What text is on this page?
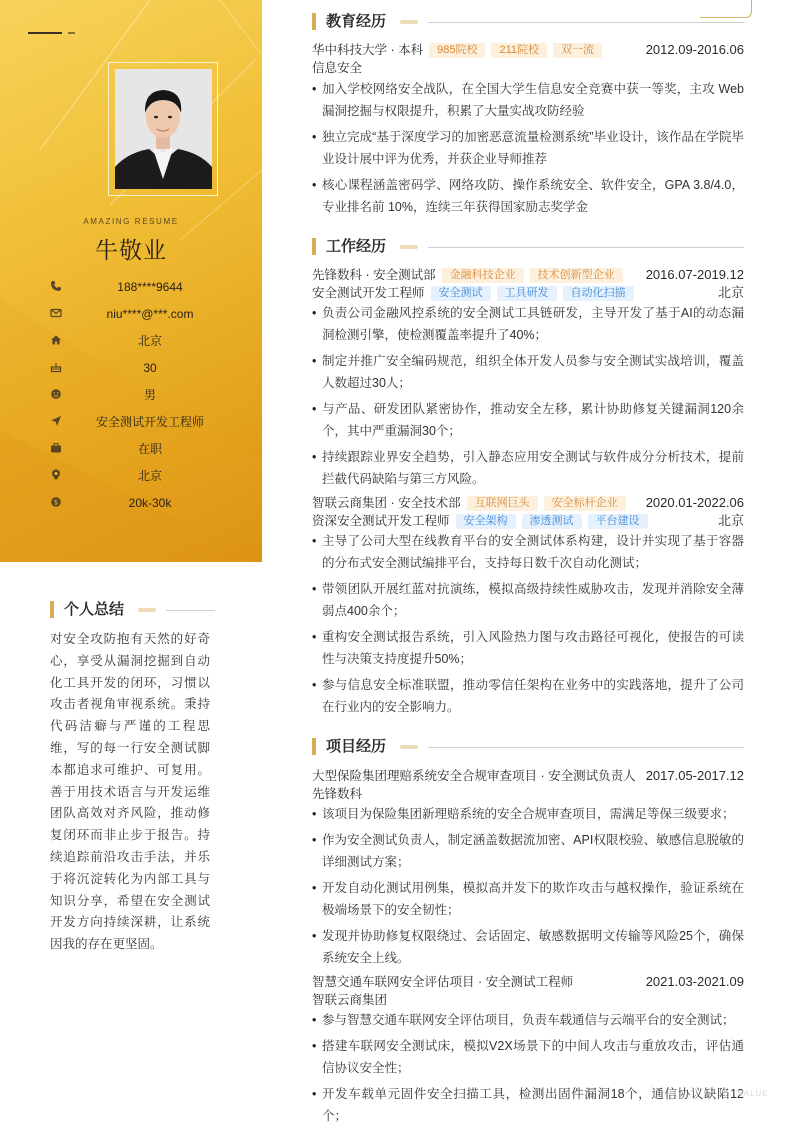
AMAZING RESUME
牛敬业
188****9644
niu****@***.com
北京
30
男
安全测试开发工程师
在职
北京
$	20k-30k
个人总结
对安全攻防抱有天然的好奇心，享受从漏洞挖掘到自动化工具开发的闭环，习惯以攻击者视角审视系统。秉持代码洁癖与严谨的工程思维，写的每一行安全测试脚本都追求可维护、可复用。善于用技术语言与开发运维团队高效对齐风险，推动修复闭环而非止步于报告。持续追踪前沿攻击手法，并乐于将沉淀转化为内部工具与知识分享，希望在安全测试开发方向持续深耕，让系统因我的存在更坚固。
教育经历
华中科技大学 · 本科 985院校 211院校 双一流	2012.09-2016.06
信息安全
• 加入学校网络安全战队，在全国大学生信息安全竞赛中获一等奖，主攻 Web 漏洞挖掘与权限提升，积累了大量实战攻防经验
• 独立完成“基于深度学习的加密恶意流量检测系统”毕业设计，该作品在学院毕业设计展中评为优秀，并获企业导师推荐
• 核心课程涵盖密码学、网络攻防、操作系统安全、软件安全，GPA 3.8/4.0，专业排名前 10%，连续三年获得国家励志奖学金
工作经历
先锋数科 · 安全测试部 金融科技企业 技术创新型企业	2016.07-2019.12
安全测试开发工程师 安全测试 工具研发 自动化扫描	北京
• 负责公司金融风控系统的安全测试工具链研发，主导开发了基于AI的动态漏洞检测引擎，使检测覆盖率提升了40%；
• 制定并推广安全编码规范，组织全体开发人员参与安全测试实战培训，覆盖人数超过30人；
• 与产品、研发团队紧密协作，推动安全左移，累计协助修复关键漏洞120余个，其中严重漏洞30个；
• 持续跟踪业界安全趋势，引入静态应用安全测试与软件成分分析技术，提前拦截代码缺陷与第三方风险。
智联云商集团 · 安全技术部 互联网巨头 安全标杆企业	2020.01-2022.06
资深安全测试开发工程师 安全架构 渗透测试 平台建设	北京
• 主导了公司大型在线教育平台的安全测试体系构建，设计并实现了基于容器的分布式安全测试编排平台，支持每日数千次自动化测试；
• 带领团队开展红蓝对抗演练，模拟高级持续性威胁攻击，发现并消除安全薄弱点400余个；
• 重构安全测试报告系统，引入风险热力图与攻击路径可视化，使报告的可读性与决策支持度提升50%；
• 参与信息安全标准联盟，推动零信任架构在业务中的实践落地，提升了公司在行业内的安全影响力。
项目经历
大型保险集团理赔系统安全合规审查项目 · 安全测试负责人 2017.05-2017.12
先锋数科
• 该项目为保险集团新理赔系统的安全合规审查项目，需满足等保三级要求；
• 作为安全测试负责人，制定涵盖数据流加密、API权限校验、敏感信息脱敏的详细测试方案；
• 开发自动化测试用例集，模拟高并发下的欺诈攻击与越权操作，验证系统在极端场景下的安全韧性；
• 发现并协助修复权限绕过、会话固定、敏感数据明文传输等风险25个，确保系统安全上线。
智慧交通车联网安全评估项目 · 安全测试工程师	2021.03-2021.09
智联云商集团
• 参与智慧交通车联网安全评估项目，负责车载通信与云端平台的安全测试；
• 搭建车联网安全测试床，模拟V2X场景下的中间人攻击与重放攻击，评估通信协议安全性；
• 开发车载单元固件安全扫描工具，检测出固件漏洞18个，通信协议缺陷12个；
VALUE
